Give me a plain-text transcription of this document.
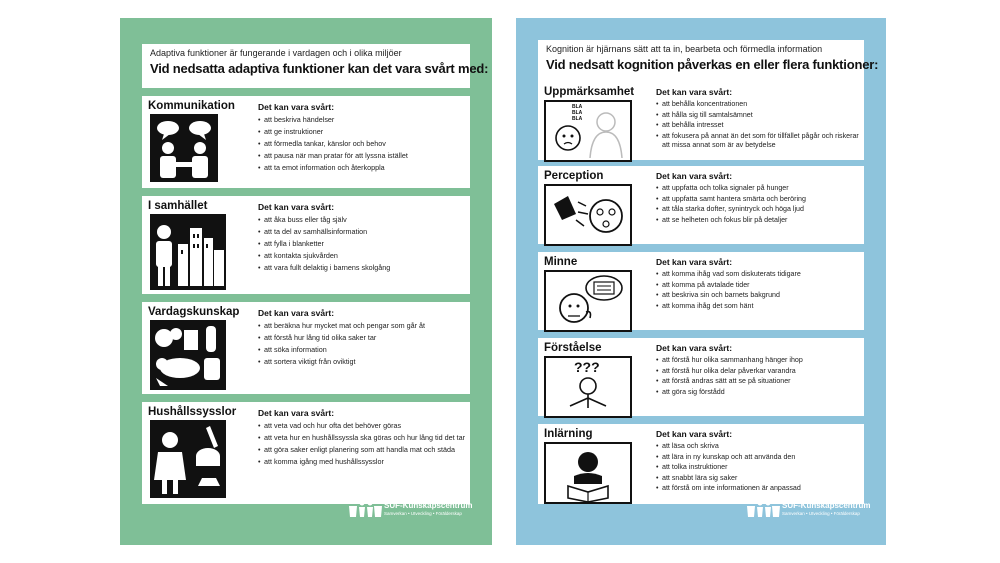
Adaptiva funktioner är fungerande i vardagen och i olika miljöer
Vid nedsatta adaptiva funktioner kan det vara svårt med:
Kommunikation	Det kan vara svårt:
• att beskriva händelser
• att ge instruktioner
• att förmedla tankar, känslor och behov
• att pausa när man pratar för att lyssna istället
• att ta emot information och återkoppla
I samhället	Det kan vara svårt:
• att åka buss eller tåg själv
• att ta del av samhällsinformation
• att fylla i blanketter
• att kontakta sjukvården
• att vara fullt delaktig i barnens skolgång
Vardagskunskap Det kan vara svårt:
• att beräkna hur mycket mat och pengar som går åt
• att förstå hur lång tid olika saker tar
• att söka information
• att sortera viktigt från oviktigt
Hushållssysslor	Det kan vara svårt:
• att veta vad och hur ofta det behöver göras
• att veta hur en hushållssyssla ska göras och hur lång tid det tar
• att göra saker enligt planering som att handla mat och städa
• att komma igång med hushållssysslor
SUF-Kunskapscentrum
Samverkan • Utveckling • Förälderskap
Kognition är hjärnans sätt att ta in, bearbeta och förmedla information
Vid nedsatt kognition påverkas en eller flera funktioner:
Uppmärksamhet
BLA BLA BLA
Det kan vara svårt:
• att behålla koncentrationen
• att hålla sig till samtalsämnet
• att behålla intresset
• att fokusera på annat än det som för tillfället pågår och riskerar att missa annat som är av betydelse
Perception	Det kan vara svårt:
• att uppfatta och tolka signaler på hunger
• att uppfatta samt hantera smärta och beröring
• att tåla starka dofter, synintryck och höga ljud
• att se helheten och fokus blir på detaljer
Minne	Det kan vara svårt:
• att komma ihåg vad som diskuterats tidigare
• att komma på avtalade tider
• att beskriva sin och barnets bakgrund
• att komma ihåg det som hänt
Förståelse
???
Det kan vara svårt:
• att förstå hur olika sammanhang hänger ihop
• att förstå hur olika delar påverkar varandra
• att förstå andras sätt att se på situationer
• att göra sig förstådd
Inlärning	Det kan vara svårt:
• att läsa och skriva
• att lära in ny kunskap och att använda den
• att tolka instruktioner
• att snabbt lära sig saker
• att förstå om inte informationen är anpassad
SUF-Kunskapscentrum
Samverkan • Utveckling • Förälderskap
